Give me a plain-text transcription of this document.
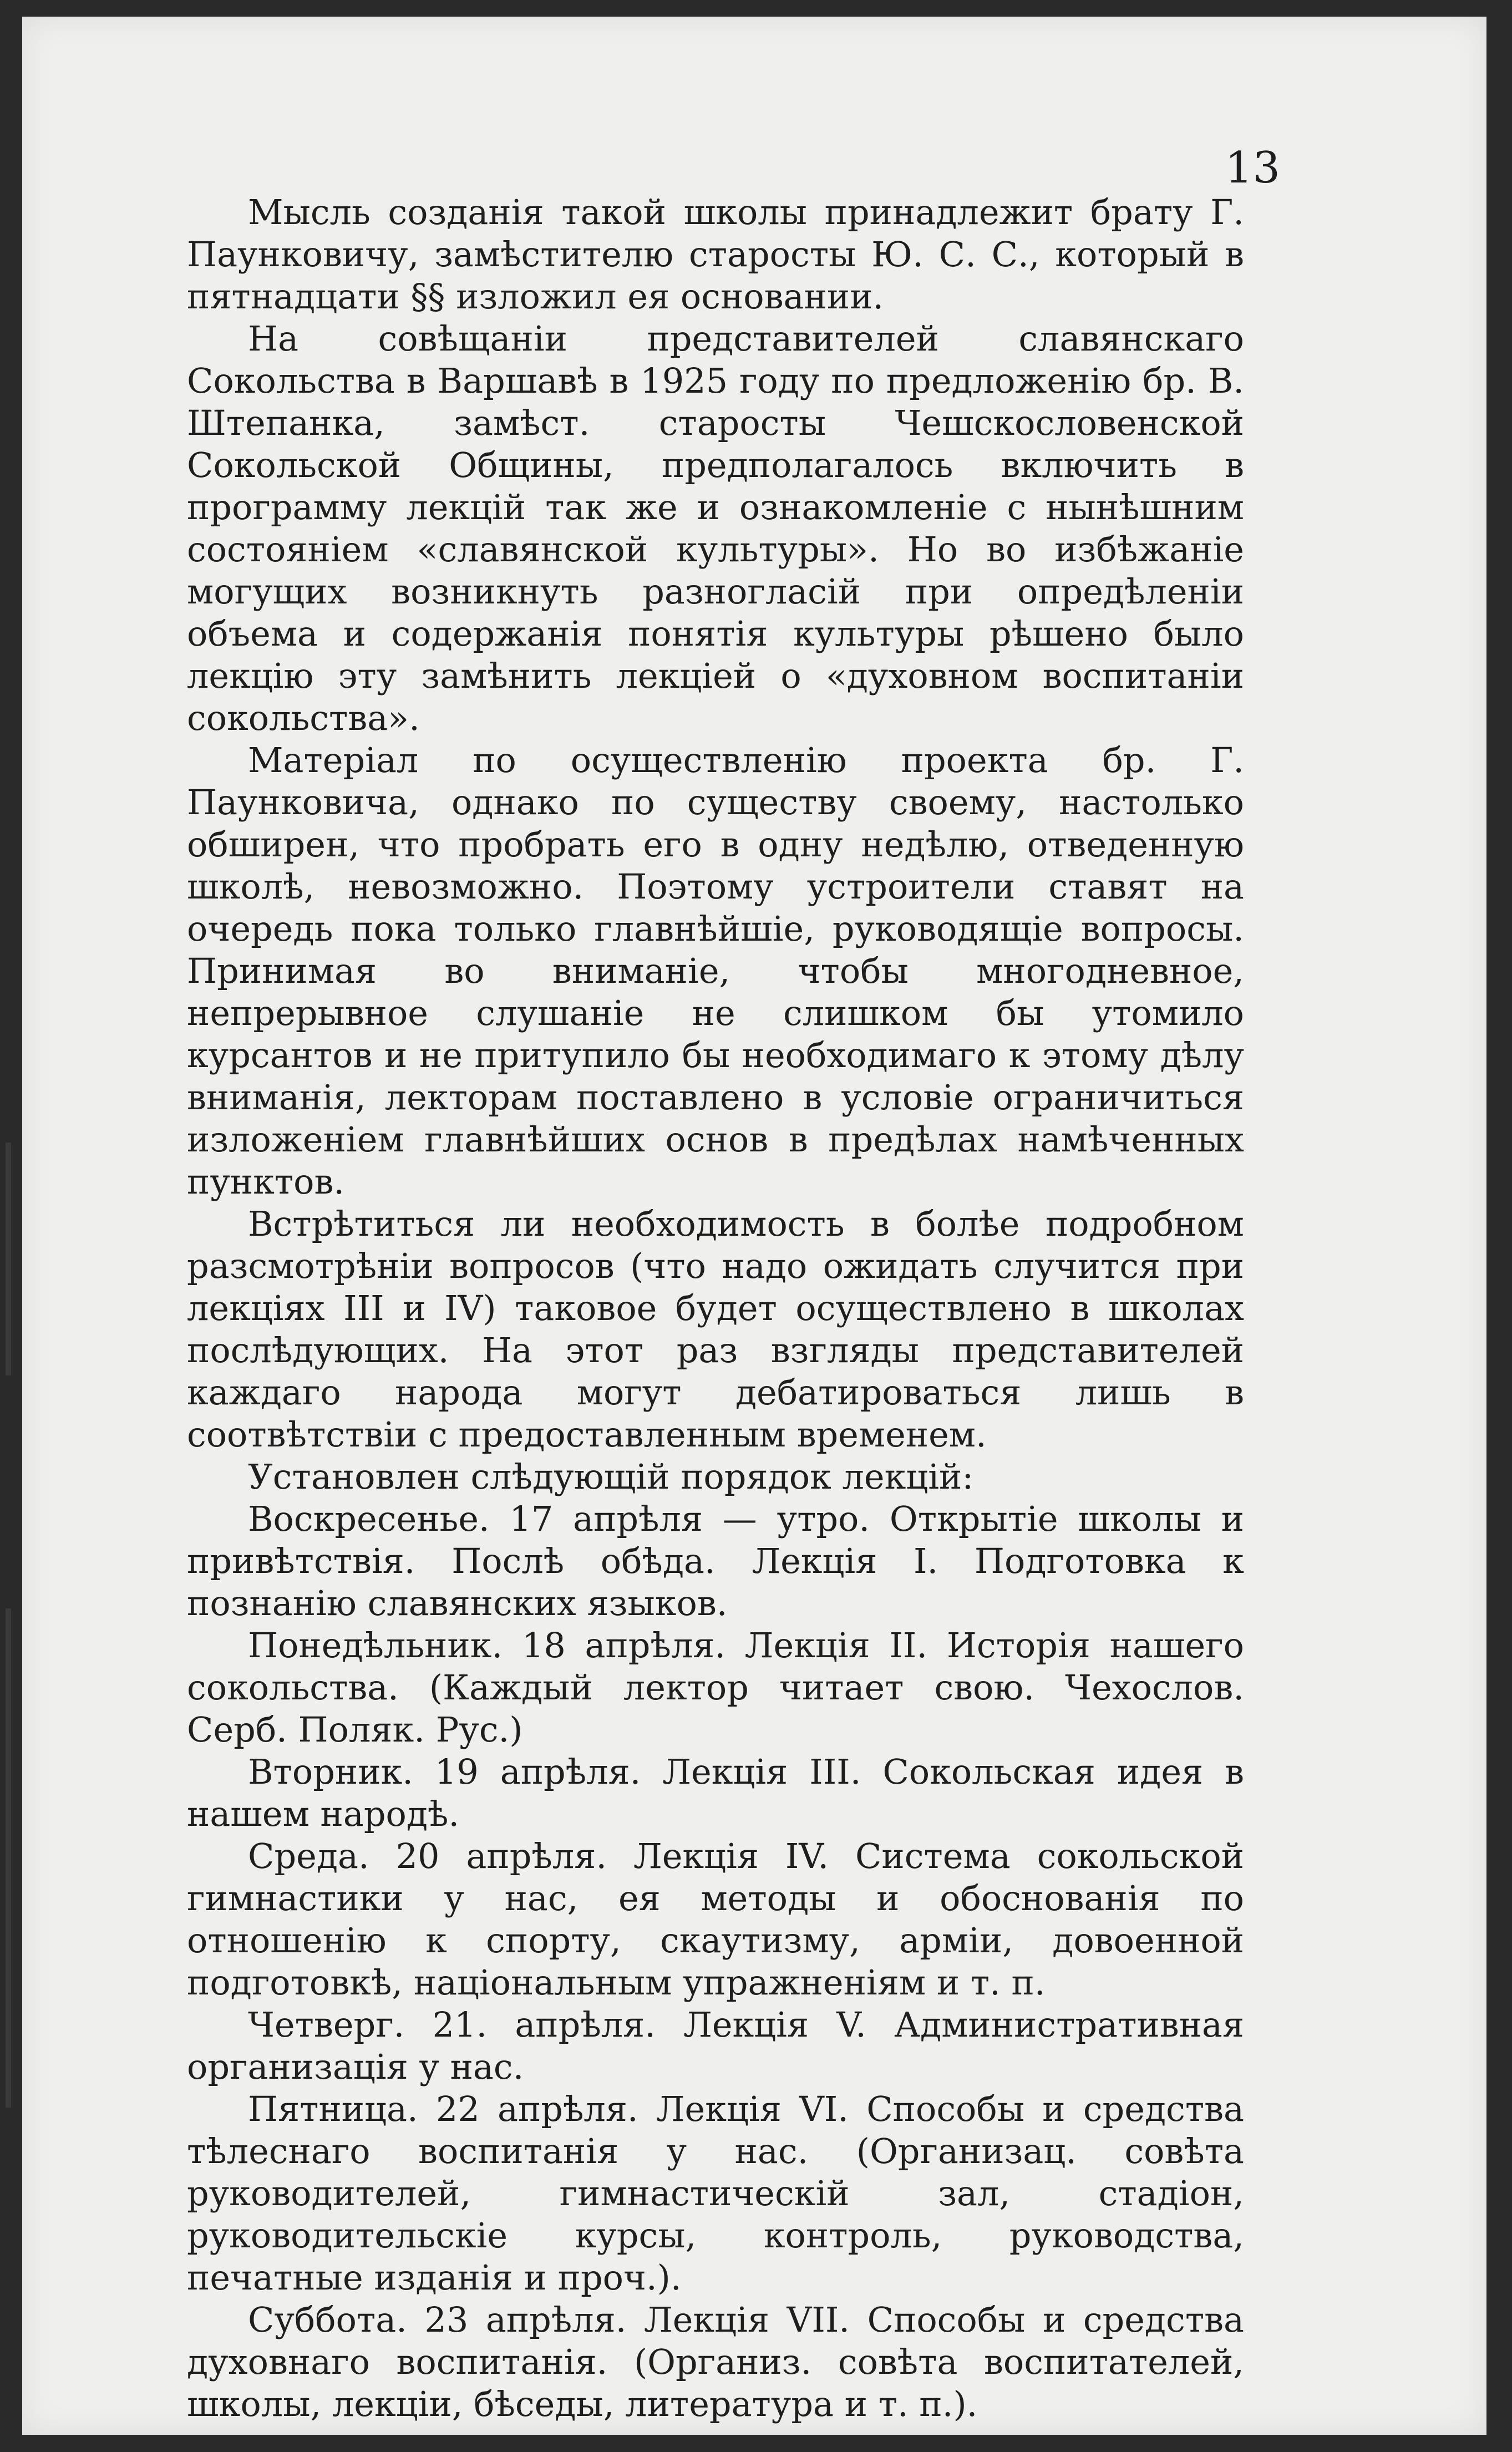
13

Мысль созданія такой школы принадлежит брату Г. Паунковичу, замѣстителю старосты Ю. С. С., который в пятнадцати §§ изложил ея основании.

На совѣщаніи представителей славянскаго Сокольства в Варшавѣ в 1925 году по предложенію бр. В. Штепанка, замѣст. старосты Чешскословенской Сокольской Общины, предполагалось включить в программу лекцій так же и ознакомленіе с нынѣшним состояніем «славянской культуры». Но во избѣжаніе могущих возникнуть разногласій при опредѣленіи объема и содержанія понятія культуры рѣшено было лекцію эту замѣнить лекціей о «духовном воспитаніи сокольства».

Матеріал по осуществленію проекта бр. Г. Паунковича, однако по существу своему, настолько обширен, что пробрать его в одну недѣлю, отведенную школѣ, невозможно. Поэтому устроители ставят на очередь пока только главнѣйшіе, руководящіе вопросы. Принимая во вниманіе, чтобы многодневное, непрерывное слушаніе не слишком бы утомило курсантов и не притупило бы необходимаго к этому дѣлу вниманія, лекторам поставлено в условіе ограничиться изложеніем главнѣйших основ в предѣлах намѣченных пунктов.

Встрѣтиться ли необходимость в болѣе подробном разсмотрѣніи вопросов (что надо ожидать случится при лекціях III и IV) таковое будет осуществлено в школах послѣдующих. На этот раз взгляды представителей каждаго народа могут дебатироваться лишь в соотвѣтствіи с предоставленным временем.

Установлен слѣдующій порядок лекцій:

Воскресенье. 17 апрѣля — утро. Открытіе школы и привѣтствія. Послѣ обѣда. Лекція I. Подготовка к познанію славянских языков.

Понедѣльник. 18 апрѣля. Лекція II. Исторія нашего сокольства. (Каждый лектор читает свою. Чехослов. Серб. Поляк. Рус.)

Вторник. 19 апрѣля. Лекція III. Сокольская идея в нашем народѣ.

Среда. 20 апрѣля. Лекція IV. Система сокольской гимнастики у нас, ея методы и обоснованія по отношенію к спорту, скаутизму, арміи, довоенной подготовкѣ, національным упражненіям и т. п.

Четверг. 21. апрѣля. Лекція V. Административная организація у нас.

Пятница. 22 апрѣля. Лекція VI. Способы и средства тѣлеснаго воспитанія у нас. (Организац. совѣта руководителей, гимнастическій зал, стадіон, руководительскіе курсы, контроль, руководства, печатные изданія и проч.).

Суббота. 23 апрѣля. Лекція VII. Способы и средства духовнаго воспитанія. (Организ. совѣта воспитателей, школы, лекціи, бѣседы, литература и т. п.).
